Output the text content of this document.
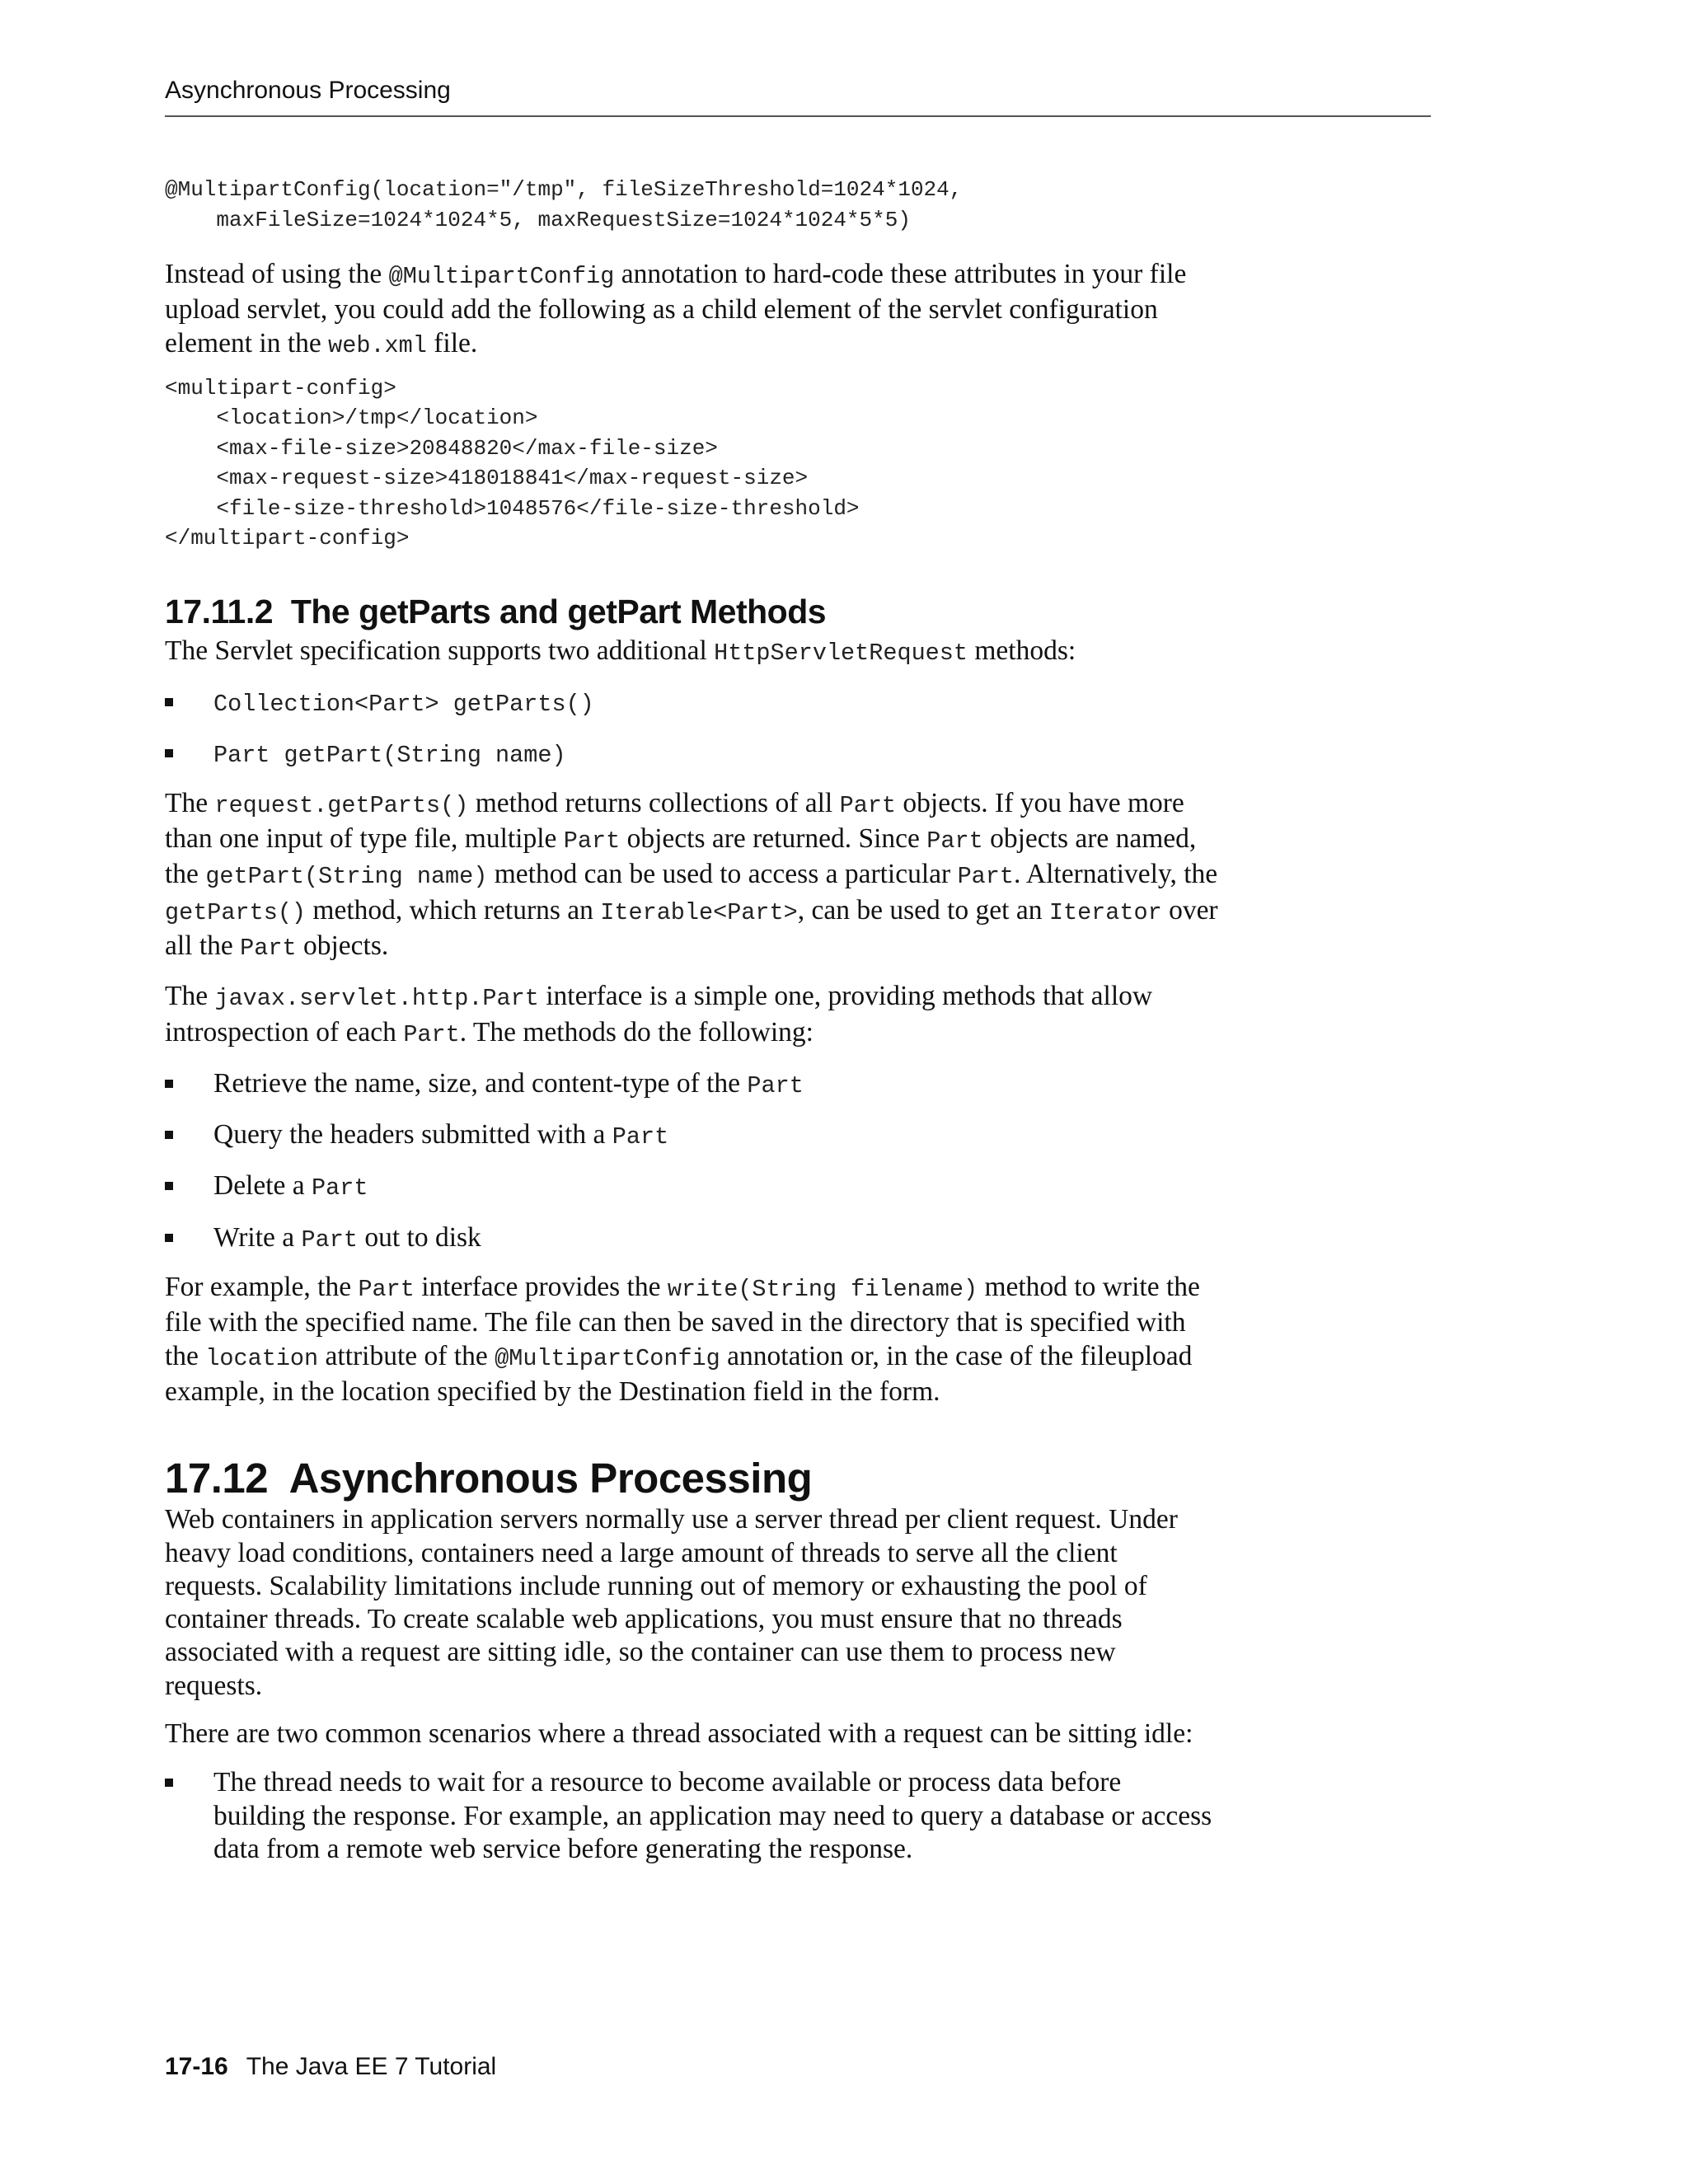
Asynchronous Processing
@MultipartConfig(location="/tmp", fileSizeThreshold=1024*1024,
maxFileSize=1024*1024*5, maxRequestSize=1024*1024*5*5)

Instead of using the @MultipartConfig annotation to hard-code these attributes in your file upload servlet, you could add the following as a child element of the servlet configuration element in the web.xml file.

<multipart-config>
<location>/tmp</location>
<max-file-size>20848820</max-file-size>
<max-request-size>418018841</max-request-size>
<file-size-threshold>1048576</file-size-threshold>
</multipart-config>
17.11.2 The getParts and getPart Methods

The Servlet specification supports two additional HttpServletRequest methods:

Collection<Part> getParts()
Part getPart(String name)

The request.getParts() method returns collections of all Part objects. If you have more than one input of type file, multiple Part objects are returned. Since Part objects are named, the getPart(String name) method can be used to access a particular Part. Alternatively, the getParts() method, which returns an Iterable<Part>, can be used to get an Iterator over all the Part objects.

The javax.servlet.http.Part interface is a simple one, providing methods that allow introspection of each Part. The methods do the following:

Retrieve the name, size, and content-type of the Part
Query the headers submitted with a Part
Delete a Part
Write a Part out to disk

For example, the Part interface provides the write(String filename) method to write the file with the specified name. The file can then be saved in the directory that is specified with the location attribute of the @MultipartConfig annotation or, in the case of the fileupload example, in the location specified by the Destination field in the form.

17.12 Asynchronous Processing

Web containers in application servers normally use a server thread per client request. Under heavy load conditions, containers need a large amount of threads to serve all the client requests. Scalability limitations include running out of memory or exhausting the pool of container threads. To create scalable web applications, you must ensure that no threads associated with a request are sitting idle, so the container can use them to process new requests.

There are two common scenarios where a thread associated with a request can be sitting idle:

The thread needs to wait for a resource to become available or process data before building the response. For example, an application may need to query a database or access data from a remote web service before generating the response.
17-16 The Java EE 7 Tutorial
